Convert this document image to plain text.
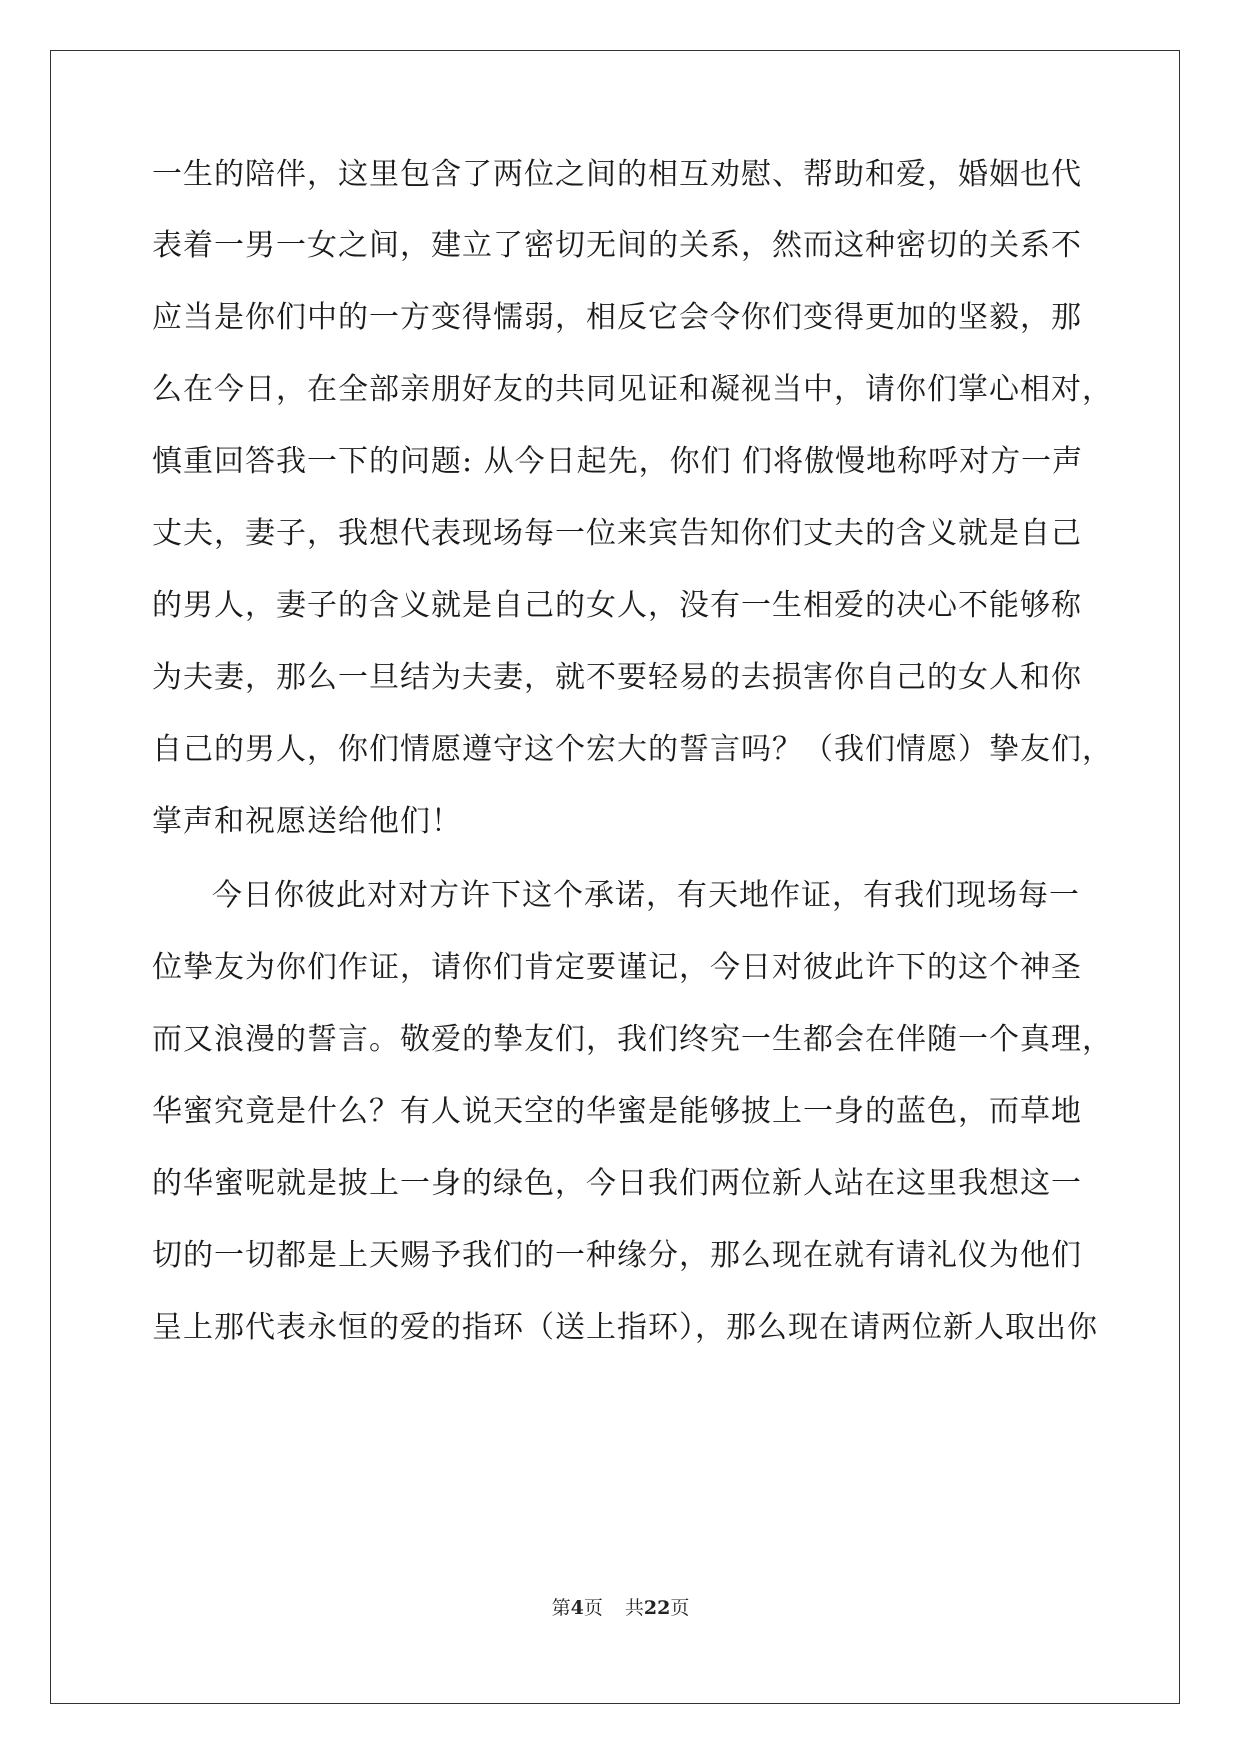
一生的陪伴，这里包含了两位之间的相互劝慰、帮助和爱，婚姻也代
表着一男一女之间，建立了密切无间的关系，然而这种密切的关系不
应当是你们中的一方变得懦弱，相反它会令你们变得更加的坚毅，那
么在今日，在全部亲朋好友的共同见证和凝视当中，请你们掌心相对，
慎重回答我一下的问题: 从今日起先，你们 们将傲慢地称呼对方一声
丈夫，妻子，我想代表现场每一位来宾告知你们丈夫的含义就是自己
的男人，妻子的含义就是自己的女人，没有一生相爱的决心不能够称
为夫妻，那么一旦结为夫妻，就不要轻易的去损害你自己的女人和你
自己的男人，你们情愿遵守这个宏大的誓言吗？（我们情愿）挚友们，
掌声和祝愿送给他们！
今日你彼此对对方许下这个承诺，有天地作证，有我们现场每一
位挚友为你们作证，请你们肯定要谨记，今日对彼此许下的这个神圣
而又浪漫的誓言。敬爱的挚友们，我们终究一生都会在伴随一个真理，
华蜜究竟是什么？有人说天空的华蜜是能够披上一身的蓝色，而草地
的华蜜呢就是披上一身的绿色，今日我们两位新人站在这里我想这一
切的一切都是上天赐予我们的一种缘分，那么现在就有请礼仪为他们
呈上那代表永恒的爱的指环（送上指环），那么现在请两位新人取出你
第4页 共22页
